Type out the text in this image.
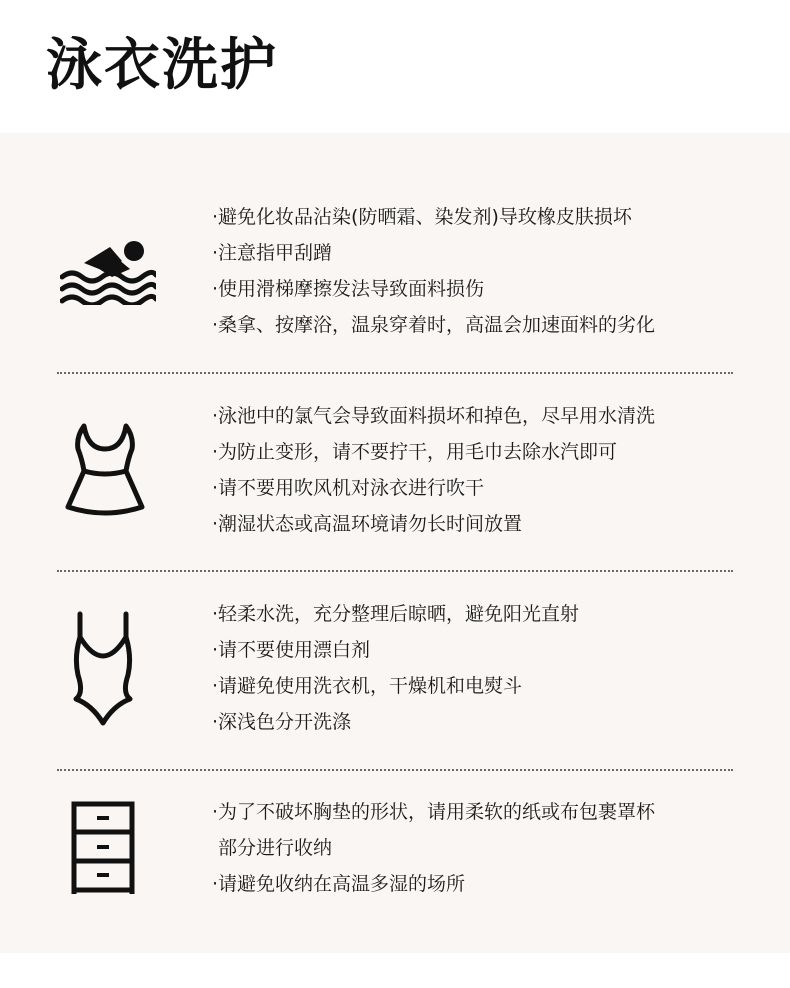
泳衣洗护
·避免化妆品沾染(防晒霜、染发剂)导玫橡皮肤损坏
·注意指甲刮蹭
·使用滑梯摩擦发法导致面料损伤
·桑拿、按摩浴，温泉穿着时，高温会加速面料的劣化
·泳池中的氯气会导致面料损坏和掉色，尽早用水清洗
·为防止变形，请不要拧干，用毛巾去除水汽即可
·请不要用吹风机对泳衣进行吹干
·潮湿状态或高温环境请勿长时间放置
·轻柔水洗，充分整理后晾晒，避免阳光直射
·请不要使用漂白剂
·请避免使用洗衣机，干燥机和电熨斗
·深浅色分开洗涤
·为了不破坏胸垫的形状，请用柔软的纸或布包裹罩杯
部分进行收纳
·请避免收纳在高温多湿的场所
